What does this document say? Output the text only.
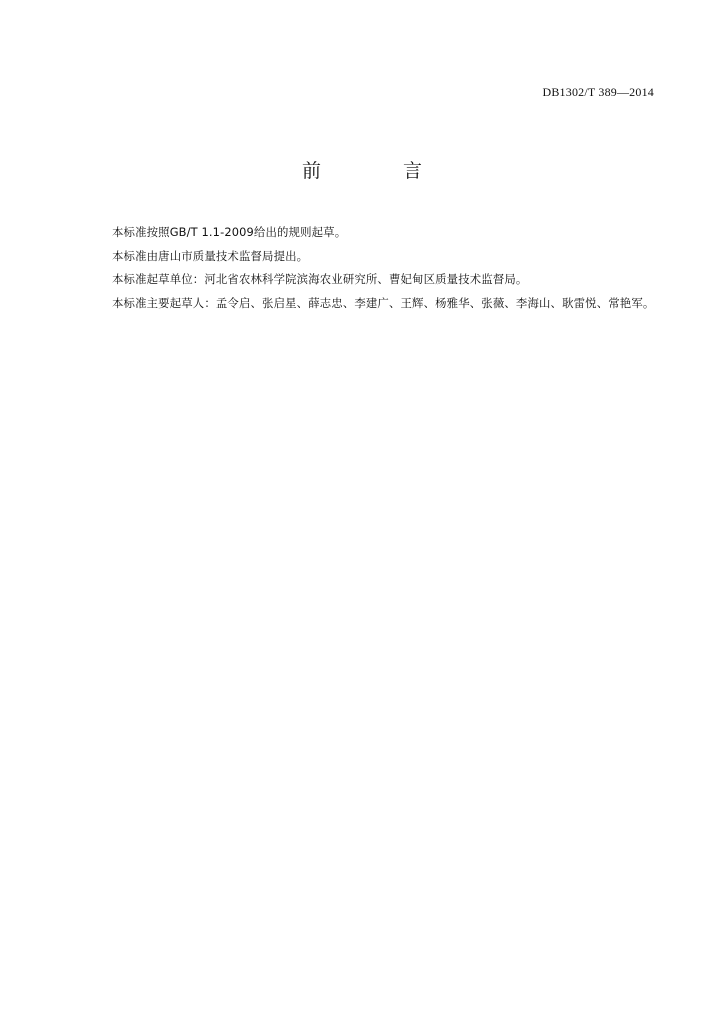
DB1302/T 389—2014
前 言

本标准按照GB/T 1.1-2009给出的规则起草。

本标准由唐山市质量技术监督局提出。

本标准起草单位：河北省农林科学院滨海农业研究所、曹妃甸区质量技术监督局。

本标准主要起草人：孟令启、张启星、薛志忠、李建广、王辉、杨雅华、张薇、李海山、耿雷悦、常艳军。
